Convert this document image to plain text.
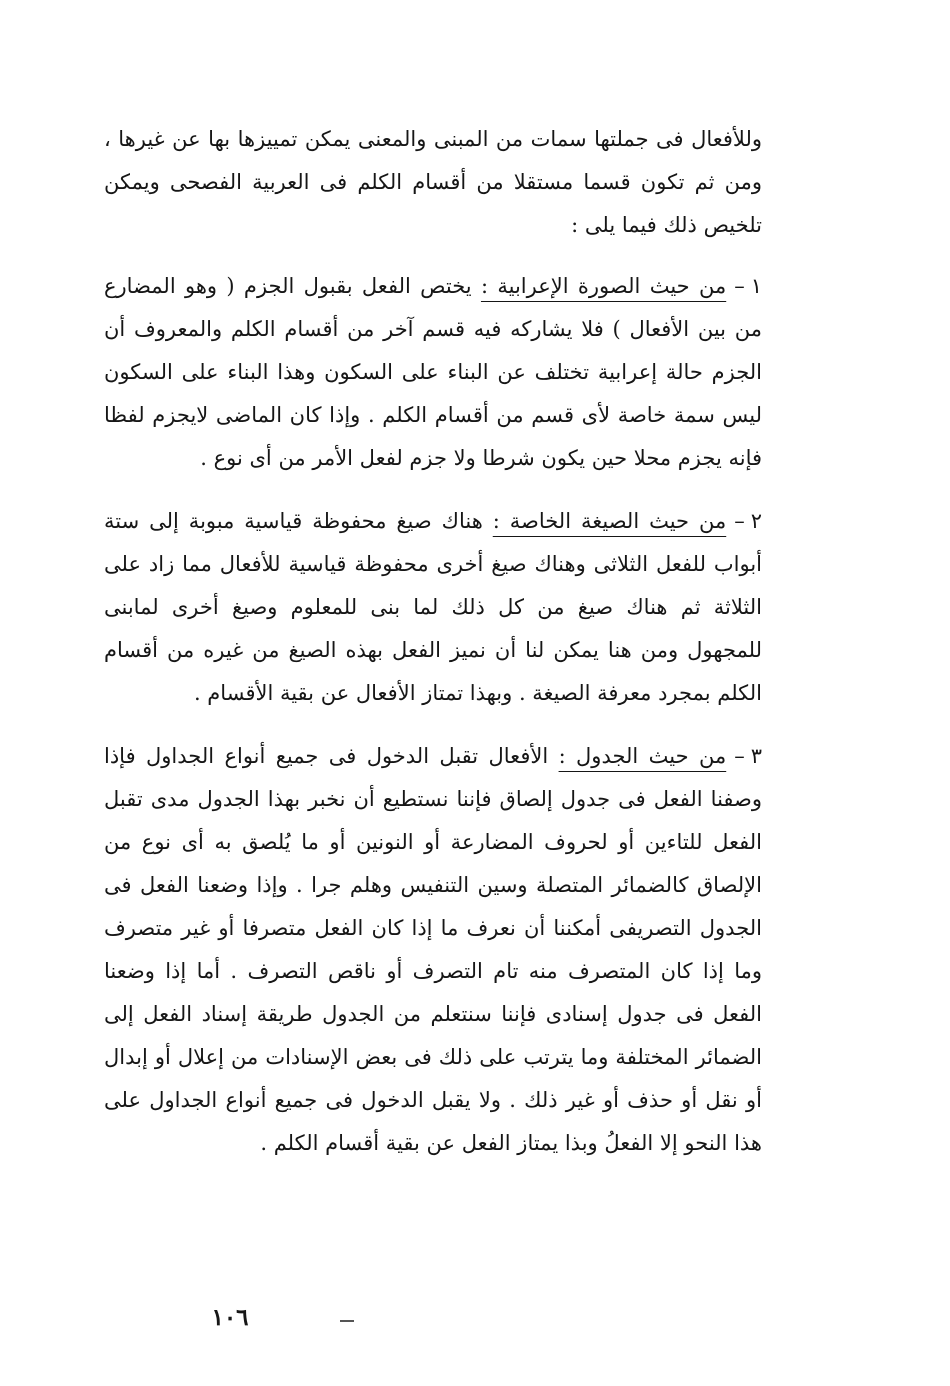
وللأفعال فى جملتها سمات من المبنى والمعنى يمكن تمييزها بها عن غيرها ، ومن ثم تكون قسما مستقلا من أقسام الكلم فى العربية الفصحى ويمكن تلخيص ذلك فيما يلى :

١–من حيث الصورة الإعرابية : يختص الفعل بقبول الجزم ( وهو المضارع من بين الأفعال ) فلا يشاركه فيه قسم آخر من أقسام الكلم والمعروف أن الجزم حالة إعرابية تختلف عن البناء على السكون وهذا البناء على السكون ليس سمة خاصة لأى قسم من أقسام الكلم . وإذا كان الماضى لايجزم لفظا فإنه يجزم محلا حين يكون شرطا ولا جزم لفعل الأمر من أى نوع .

٢–من حيث الصيغة الخاصة : هناك صيغ محفوظة قياسية مبوبة إلى ستة أبواب للفعل الثلاثى وهناك صيغ أخرى محفوظة قياسية للأفعال مما زاد على الثلاثة ثم هناك صيغ من كل ذلك لما بنى للمعلوم وصيغ أخرى لمابنى للمجهول ومن هنا يمكن لنا أن نميز الفعل بهذه الصيغ من غيره من أقسام الكلم بمجرد معرفة الصيغة . وبهذا تمتاز الأفعال عن بقية الأقسام .

٣–من حيث الجدول : الأفعال تقبل الدخول فى جميع أنواع الجداول فإذا وصفنا الفعل فى جدول إلصاق فإننا نستطيع أن نخبر بهذا الجدول مدى تقبل الفعل للتاءين أو لحروف المضارعة أو النونين أو ما يُلصق به أى نوع من الإلصاق كالضمائر المتصلة وسين التنفيس وهلم جرا . وإذا وضعنا الفعل فى الجدول التصريفى أمكننا أن نعرف ما إذا كان الفعل متصرفا أو غير متصرف وما إذا كان المتصرف منه تام التصرف أو ناقص التصرف . أما إذا وضعنا الفعل فى جدول إسنادى فإننا سنتعلم من الجدول طريقة إسناد الفعل إلى الضمائر المختلفة وما يترتب على ذلك فى بعض الإسنادات من إعلال أو إبدال أو نقل أو حذف أو غير ذلك . ولا يقبل الدخول فى جميع أنواع الجداول على هذا النحو إلا الفعلُ وبذا يمتاز الفعل عن بقية أقسام الكلم .

١٠٦
